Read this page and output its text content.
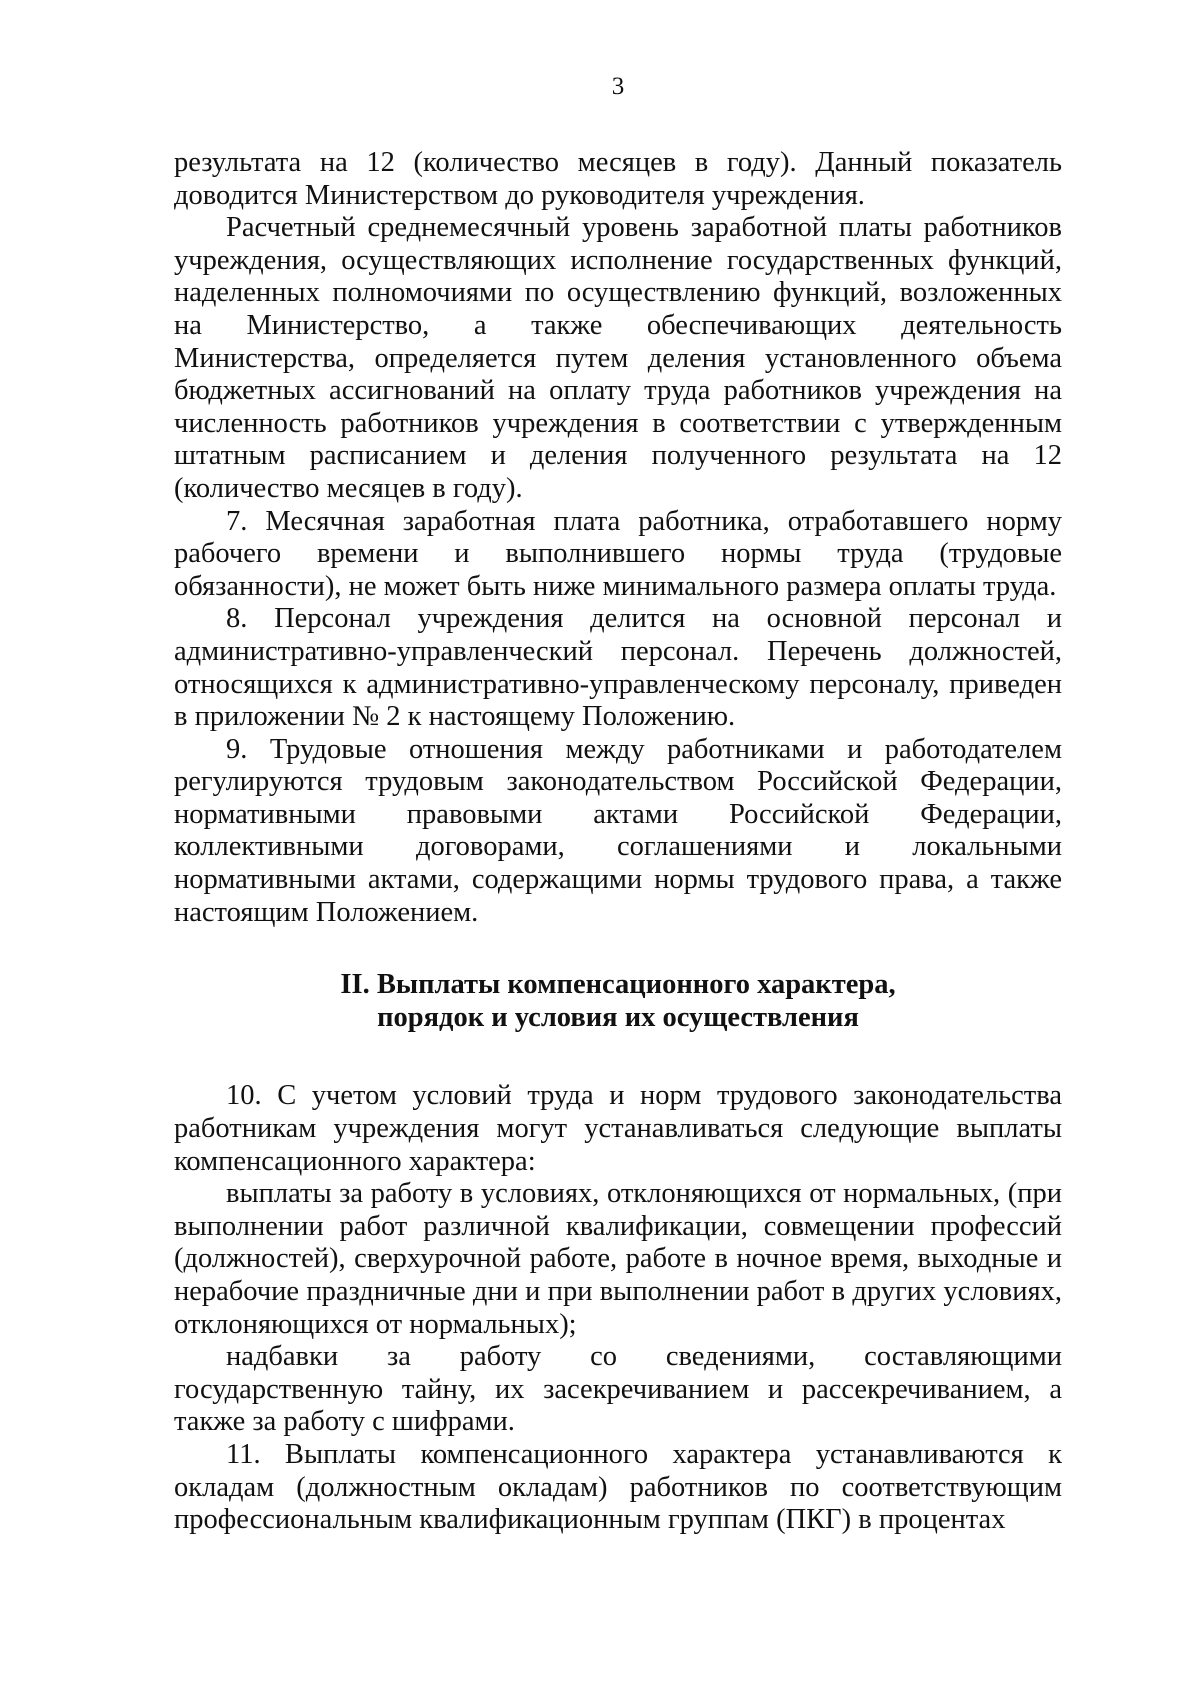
3

результата на 12 (количество месяцев в году). Данный показатель доводится Министерством до руководителя учреждения.

Расчетный среднемесячный уровень заработной платы работников учреждения, осуществляющих исполнение государственных функций, наделенных полномочиями по осуществлению функций, возложенных на Министерство, а также обеспечивающих деятельность Министерства, определяется путем деления установленного объема бюджетных ассигнований на оплату труда работников учреждения на численность работников учреждения в соответствии с утвержденным штатным расписанием и деления полученного результата на 12 (количество месяцев в году).

7. Месячная заработная плата работника, отработавшего норму рабочего времени и выполнившего нормы труда (трудовые обязанности), не может быть ниже минимального размера оплаты труда.

8. Персонал учреждения делится на основной персонал и административно-управленческий персонал. Перечень должностей, относящихся к административно-управленческому персоналу, приведен в приложении № 2 к настоящему Положению.

9. Трудовые отношения между работниками и работодателем регулируются трудовым законодательством Российской Федерации, нормативными правовыми актами Российской Федерации, коллективными договорами, соглашениями и локальными нормативными актами, содержащими нормы трудового права, а также настоящим Положением.

II. Выплаты компенсационного характера,
порядок и условия их осуществления

10. С учетом условий труда и норм трудового законодательства работникам учреждения могут устанавливаться следующие выплаты компенсационного характера:

выплаты за работу в условиях, отклоняющихся от нормальных, (при выполнении работ различной квалификации, совмещении профессий (должностей), сверхурочной работе, работе в ночное время, выходные и нерабочие праздничные дни и при выполнении работ в других условиях, отклоняющихся от нормальных);

надбавки за работу со сведениями, составляющими государственную тайну, их засекречиванием и рассекречиванием, а также за работу с шифрами.

11. Выплаты компенсационного характера устанавливаются к окладам (должностным окладам) работников по соответствующим профессиональным квалификационным группам (ПКГ) в процентах
